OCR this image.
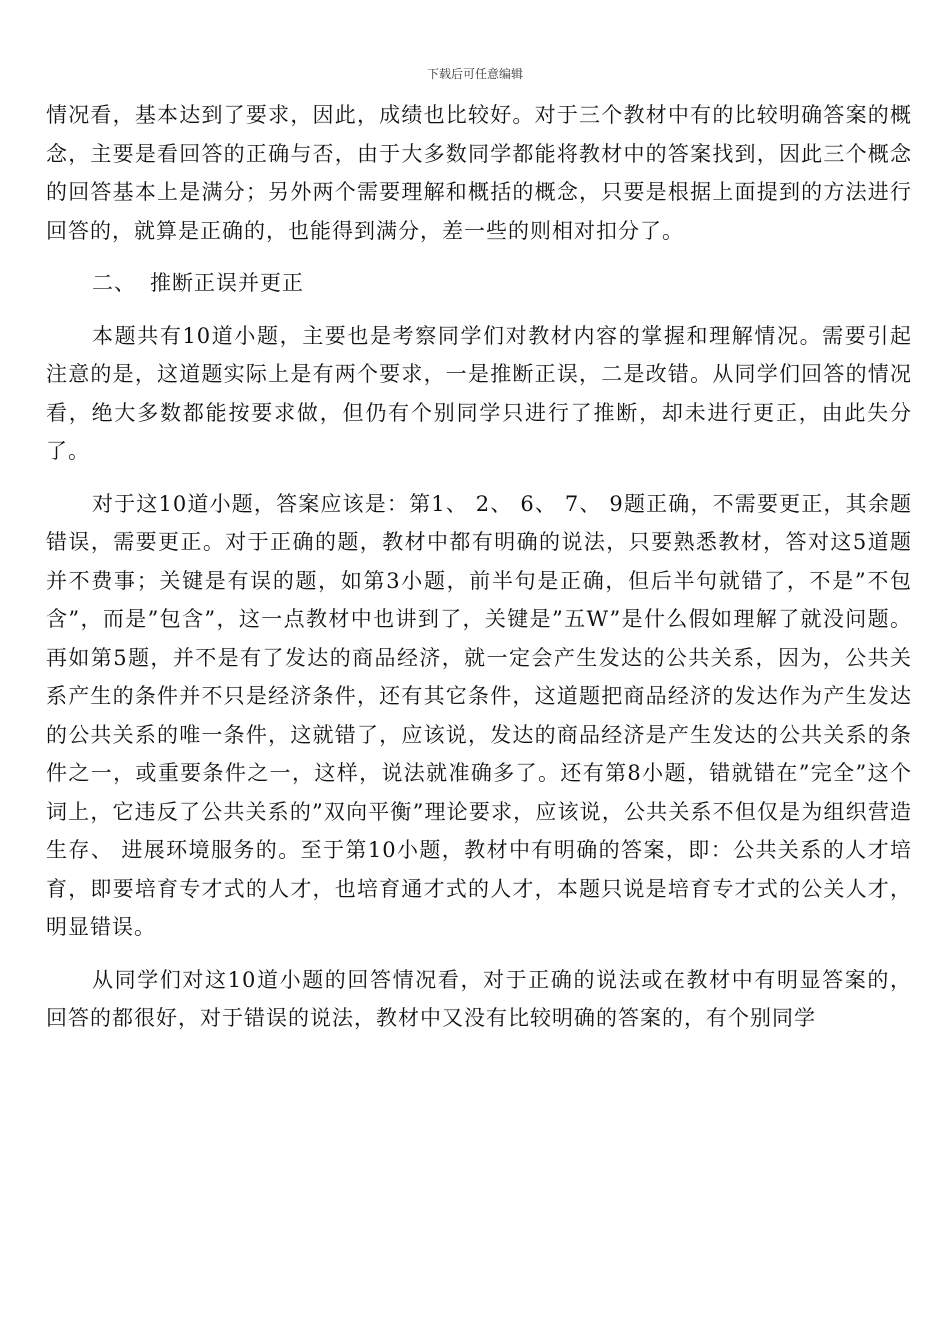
下载后可任意编辑

情况看，基本达到了要求，因此，成绩也比较好。对于三个教材中有的比较明确答案的概念，主要是看回答的正确与否，由于大多数同学都能将教材中的答案找到，因此三个概念的回答基本上是满分；另外两个需要理解和概括的概念，只要是根据上面提到的方法进行回答的，就算是正确的，也能得到满分，差一些的则相对扣分了。

二、 推断正误并更正

本题共有10道小题，主要也是考察同学们对教材内容的掌握和理解情况。需要引起注意的是，这道题实际上是有两个要求，一是推断正误，二是改错。从同学们回答的情况看，绝大多数都能按要求做，但仍有个别同学只进行了推断，却未进行更正，由此失分了。

对于这10道小题，答案应该是：第1、 2、 6、 7、 9题正确，不需要更正，其余题错误，需要更正。对于正确的题，教材中都有明确的说法，只要熟悉教材，答对这5道题并不费事；关键是有误的题，如第3小题，前半句是正确，但后半句就错了，不是”不包含”，而是”包含”，这一点教材中也讲到了，关键是”五W”是什么假如理解了就没问题。再如第5题，并不是有了发达的商品经济，就一定会产生发达的公共关系，因为，公共关系产生的条件并不只是经济条件，还有其它条件，这道题把商品经济的发达作为产生发达的公共关系的唯一条件，这就错了，应该说，发达的商品经济是产生发达的公共关系的条件之一，或重要条件之一，这样，说法就准确多了。还有第8小题，错就错在”完全”这个词上，它违反了公共关系的”双向平衡”理论要求，应该说，公共关系不但仅是为组织营造生存、 进展环境服务的。至于第10小题，教材中有明确的答案，即：公共关系的人才培育，即要培育专才式的人才，也培育通才式的人才，本题只说是培育专才式的公关人才，明显错误。

从同学们对这10道小题的回答情况看，对于正确的说法或在教材中有明显答案的，回答的都很好，对于错误的说法，教材中又没有比较明确的答案的，有个别同学
